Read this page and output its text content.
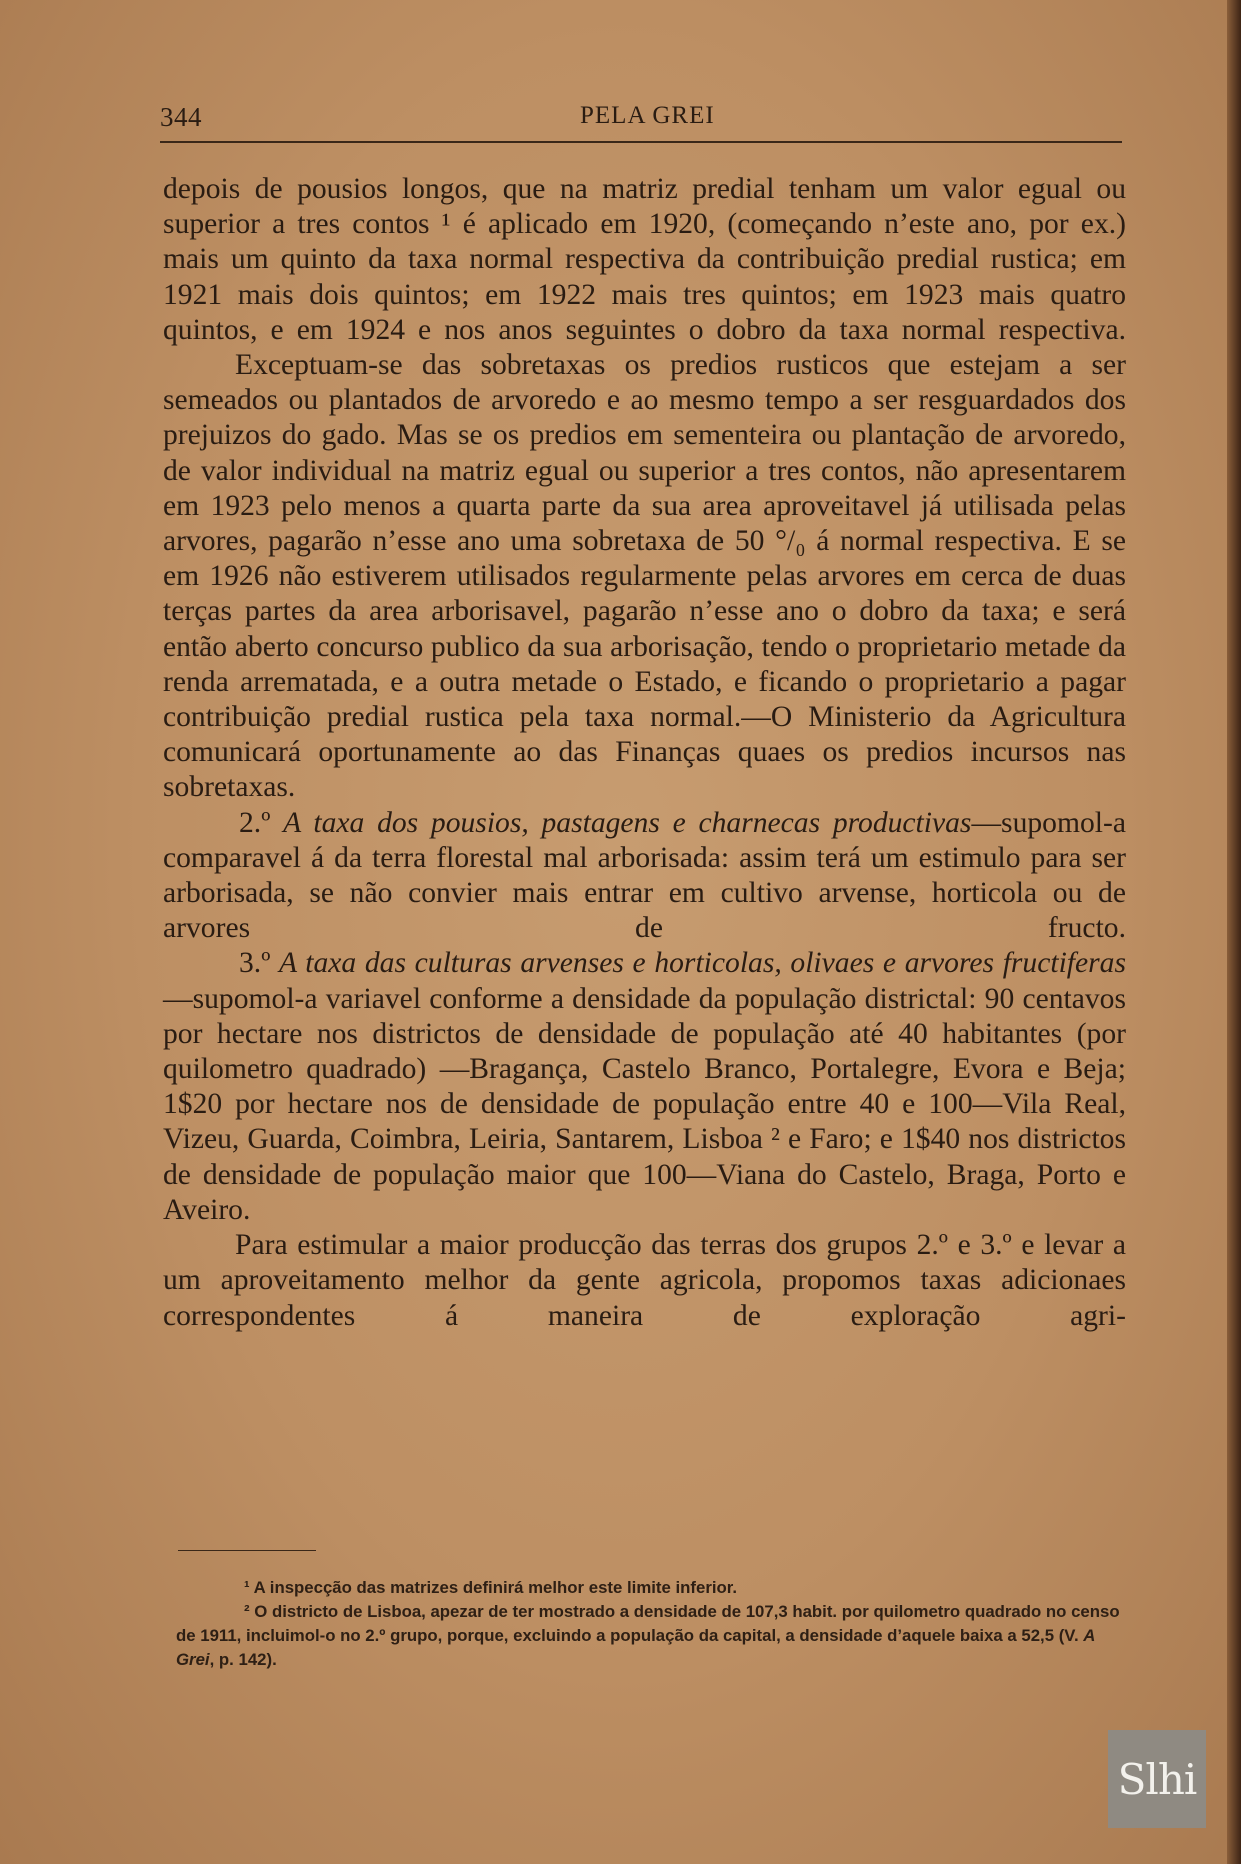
344	PELA GREI

depois de pousios longos, que na matriz predial tenham um valor egual ou superior a tres contos ¹ é aplicado em 1920, (começando n’este ano, por ex.) mais um quinto da taxa normal respectiva da contribuição predial rustica; em 1921 mais dois quintos; em 1922 mais tres quintos; em 1923 mais quatro quintos, e em 1924 e nos anos seguintes o dobro da taxa normal respectiva.

Exceptuam-se das sobretaxas os predios rusticos que estejam a ser semeados ou plantados de arvoredo e ao mesmo tempo a ser resguardados dos prejuizos do gado. Mas se os predios em sementeira ou plantação de arvoredo, de valor individual na matriz egual ou superior a tres contos, não apresentarem em 1923 pelo menos a quarta parte da sua area aproveitavel já utilisada pelas arvores, pagarão n’esse ano uma sobretaxa de 50 °/₀ á normal respectiva. E se em 1926 não estiverem utilisados regularmente pelas arvores em cerca de duas terças partes da area arborisavel, pagarão n’esse ano o dobro da taxa; e será então aberto concurso publico da sua arborisação, tendo o proprietario metade da renda arrematada, e a outra metade o Estado, e ficando o proprietario a pagar contribuição predial rustica pela taxa normal.—O Ministerio da Agricultura comunicará oportunamente ao das Finanças quaes os predios incursos nas sobretaxas.

2.º A taxa dos pousios, pastagens e charnecas productivas—supomol-a comparavel á da terra florestal mal arborisada: assim terá um estimulo para ser arborisada, se não convier mais entrar em cultivo arvense, horticola ou de arvores de fructo.

3.º A taxa das culturas arvenses e horticolas, olivaes e arvores fructiferas—supomol-a variavel conforme a densidade da população districtal: 90 centavos por hectare nos districtos de densidade de população até 40 habitantes (por quilometro quadrado) —Bragança, Castelo Branco, Portalegre, Evora e Beja; 1$20 por hectare nos de densidade de população entre 40 e 100—Vila Real, Vizeu, Guarda, Coimbra, Leiria, Santarem, Lisboa ² e Faro; e 1$40 nos districtos de densidade de população maior que 100—Viana do Castelo, Braga, Porto e Aveiro.

Para estimular a maior producção das terras dos grupos 2.º e 3.º e levar a um aproveitamento melhor da gente agricola, propomos taxas adicionaes correspondentes á maneira de exploração agri-

¹ A inspecção das matrizes definirá melhor este limite inferior.

² O districto de Lisboa, apezar de ter mostrado a densidade de 107,3 habit. por quilometro quadrado no censo de 1911, incluimol-o no 2.º grupo, porque, excluindo a população da capital, a densidade d’aquele baixa a 52,5 (V. A Grei, p. 142).

Slhi
